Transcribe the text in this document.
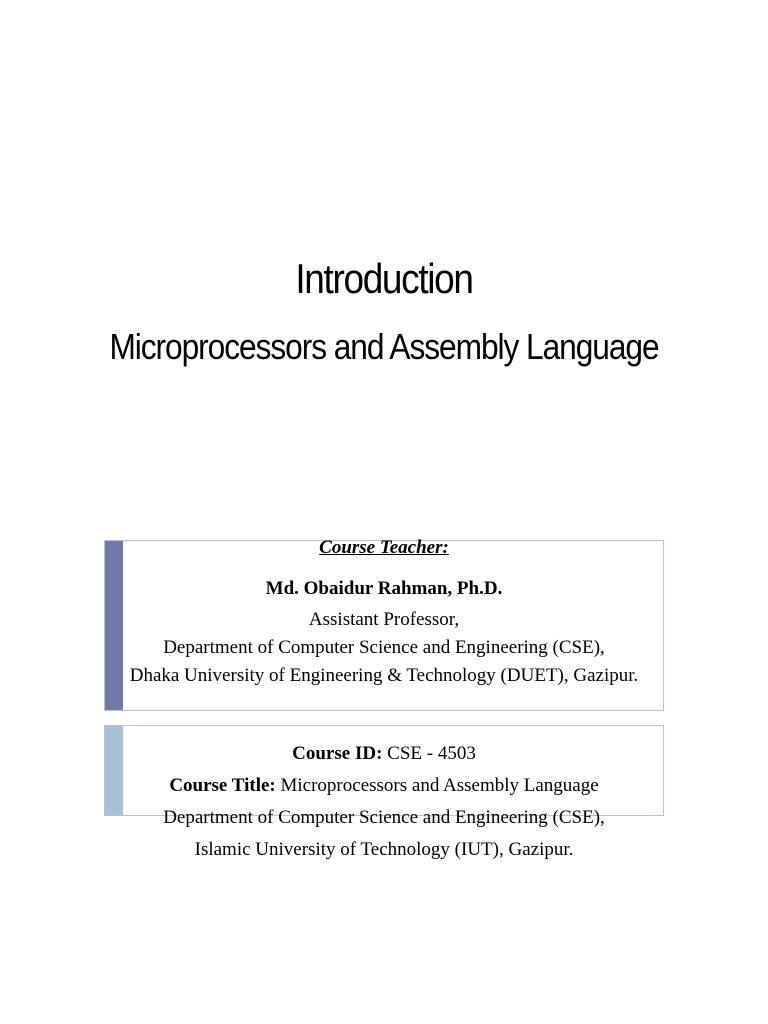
Introduction
Microprocessors and Assembly Language
Course Teacher:
Md. Obaidur Rahman, Ph.D.
Assistant Professor,
Department of Computer Science and Engineering (CSE),
Dhaka University of Engineering & Technology (DUET), Gazipur.
Course ID: CSE - 4503
Course Title: Microprocessors and Assembly Language
Department of Computer Science and Engineering (CSE),
Islamic University of Technology (IUT), Gazipur.
